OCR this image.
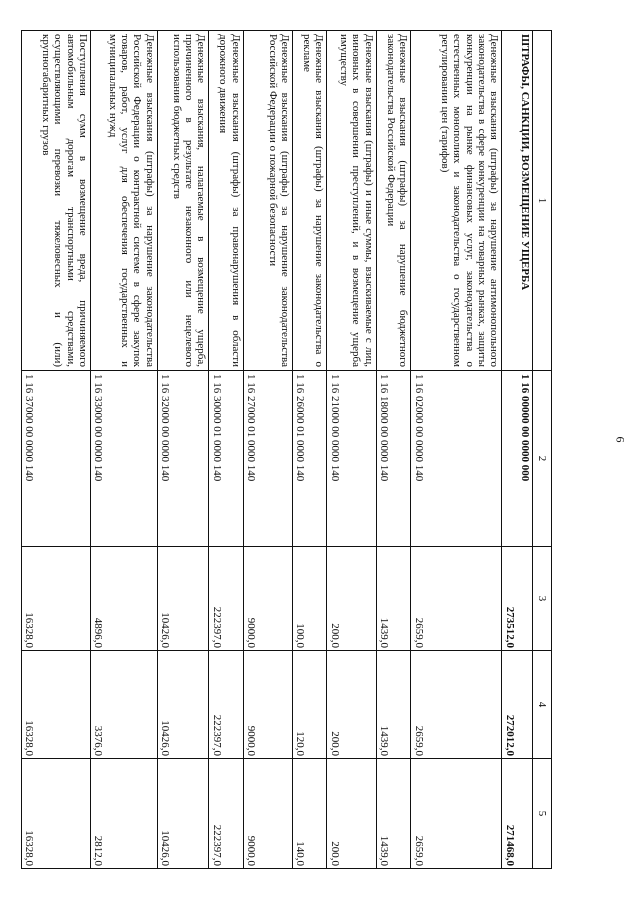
6
1	2	3	4	5
ШТРАФЫ, САНКЦИИ, ВОЗМЕЩЕНИЕ УЩЕРБА	1 16 00000 00 0000 000	273512,0	272012,0	271468,0
Денежные взыскания (штрафы) за нарушение антимонопольного законодательства в сфере конкуренции на товарных рынках, защиты конкуренции на рынке финансовых услуг, законодательства о естественных монополиях и законодательства о государственном регулировании цен (тарифов)	1 16 02000 00 0000 140	2659,0	2659,0	2659,0
Денежные взыскания (штрафы) за нарушение бюджетного законодательства Российской Федерации	1 16 18000 00 0000 140	1439,0	1439,0	1439,0
Денежные взыскания (штрафы) и иные суммы, взыскиваемые с лиц, виновных в совершении преступлений, и в возмещение ущерба имуществу	1 16 21000 00 0000 140	200,0	200,0	200,0
Денежные взыскания (штрафы) за нарушение законодательства о рекламе	1 16 26000 01 0000 140	100,0	120,0	140,0
Денежные взыскания (штрафы) за нарушение законодательства Российской Федерации о пожарной безопасности	1 16 27000 01 0000 140	9000,0	9000,0	9000,0
Денежные взыскания (штрафы) за правонарушения в области дорожного движения	1 16 30000 01 0000 140	222397,0	222397,0	222397,0
Денежные взыскания, налагаемые в возмещение ущерба, причиненного в результате незаконного или нецелевого использования бюджетных средств	1 16 32000 00 0000 140	10426,0	10426,0	10426,0
Денежные взыскания (штрафы) за нарушение законодательства Российской Федерации о контрактной системе в сфере закупок товаров, работ, услуг для обеспечения государственных и муниципальных нужд	1 16 33000 00 0000 140	4896,0	3376,0	2812,0
Поступления сумм в возмещение вреда, причиняемого автомобильным дорогам транспортными средствами, осуществляющими перевозки тяжеловесных и (или) крупногабаритных грузов	1 16 37000 00 0000 140	16328,0	16328,0	16328,0
